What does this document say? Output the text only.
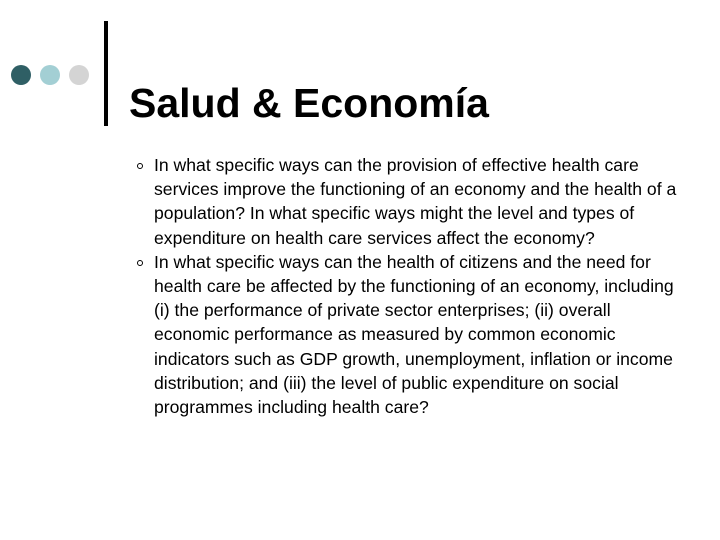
Salud & Economía
In what specific ways can the provision of effective health care services improve the functioning of an economy and the health of a population? In what specific ways might the level and types of expenditure on health care services affect the economy?
In what specific ways can the health of citizens and the need for health care be affected by the functioning of an economy, including (i) the performance of private sector enterprises; (ii) overall economic performance as measured by common economic indicators such as GDP growth, unemployment, inflation or income distribution; and (iii) the level of public expenditure on social programmes including health care?
